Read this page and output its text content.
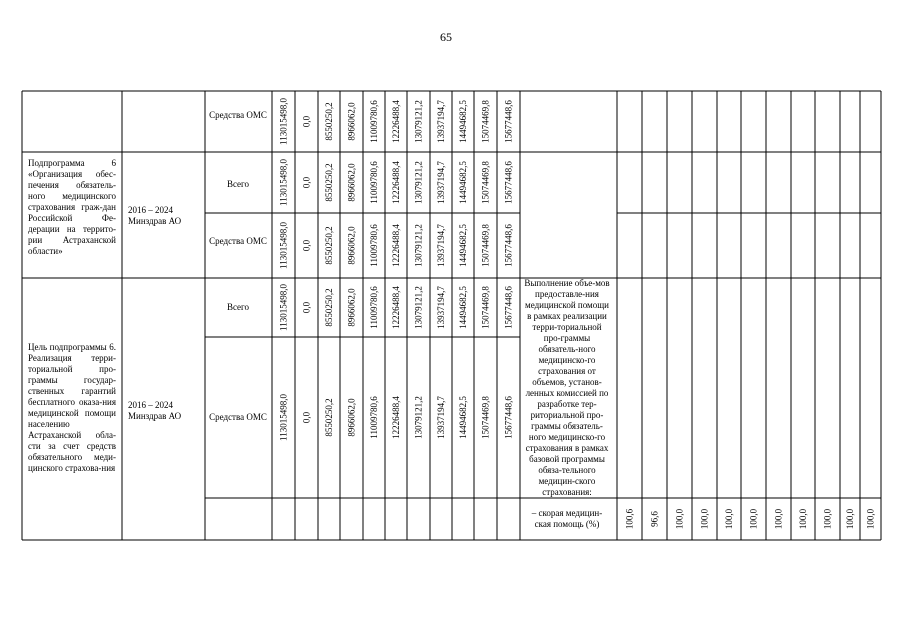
65
113015498,0 0,0 8550250,2 8966062,0 11009780,6 12226488,4 13079121,2 13937194,7 14494682,5 15074469,8 15677448,6
113015498,0 0,0 8550250,2 8966062,0 11009780,6 12226488,4 13079121,2 13937194,7 14494682,5 15074469,8 15677448,6
113015498,0 0,0 8550250,2 8966062,0 11009780,6 12226488,4 13079121,2 13937194,7 14494682,5 15074469,8 15677448,6
113015498,0 0,0 8550250,2 8966062,0 11009780,6 12226488,4 13079121,2 13937194,7 14494682,5 15074469,8 15677448,6
113015498,0 0,0 8550250,2 8966062,0 11009780,6 12226488,4 13079121,2 13937194,7 14494682,5 15074469,8 15677448,6
100,6 96,6 100,0 100,0 100,0 100,0 100,0 100,0 100,0 100,0 100,0
Подпрограмма 6 «Организация обес-печения обязатель-ного медицинского страхования граж-дан Российской Фе-дерации на террито-рии Астраханской области»
2016 – 2024 Минздрав АО
Цель подпрограммы 6. Реализация терри-ториальной про-граммы государ-ственных гарантий бесплатного оказа-ния медицинской помощи населению Астраханской обла-сти за счет средств обязательного меди-цинского страхова-ния
2016 – 2024 Минздрав АО
Средства ОМС
Всего
Средства ОМС
Всего
Средства ОМС
Выполнение объе-мов предоставле-ния медицинской помощи в рамках реализации терри-ториальной про-граммы обязатель-ного медицинско-го страхования от объемов, установ-ленных комиссией по разработке тер-риториальной про-граммы обязатель-ного медицинско-го страхования в рамках базовой программы обяза-тельного медицин-ского страхования:
– скорая медицин-ская помощь (%)
